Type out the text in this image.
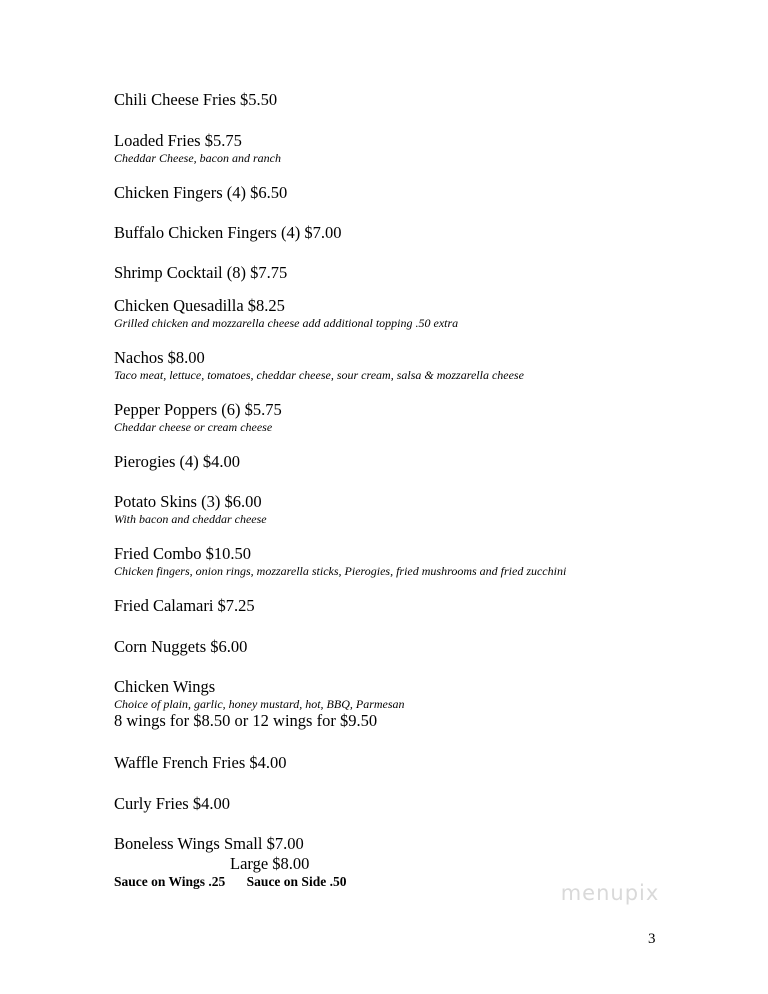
Chili Cheese Fries $5.50
Loaded Fries $5.75
Cheddar Cheese, bacon and ranch
Chicken Fingers (4) $6.50
Buffalo Chicken Fingers (4) $7.00
Shrimp Cocktail (8) $7.75
Chicken Quesadilla $8.25
Grilled chicken and mozzarella cheese add additional topping .50 extra
Nachos $8.00
Taco meat, lettuce, tomatoes, cheddar cheese, sour cream, salsa & mozzarella cheese
Pepper Poppers (6) $5.75
Cheddar cheese or cream cheese
Pierogies (4) $4.00
Potato Skins (3) $6.00
With bacon and cheddar cheese
Fried Combo $10.50
Chicken fingers, onion rings, mozzarella sticks, Pierogies, fried mushrooms and fried zucchini
Fried Calamari $7.25
Corn Nuggets $6.00
Chicken Wings
Choice of plain, garlic, honey mustard, hot, BBQ, Parmesan
8 wings for $8.50 or 12 wings for $9.50
Waffle French Fries $4.00
Curly Fries $4.00
Boneless Wings Small $7.00
Large $8.00
Sauce on Wings .25 Sauce on Side .50	menupix
3
